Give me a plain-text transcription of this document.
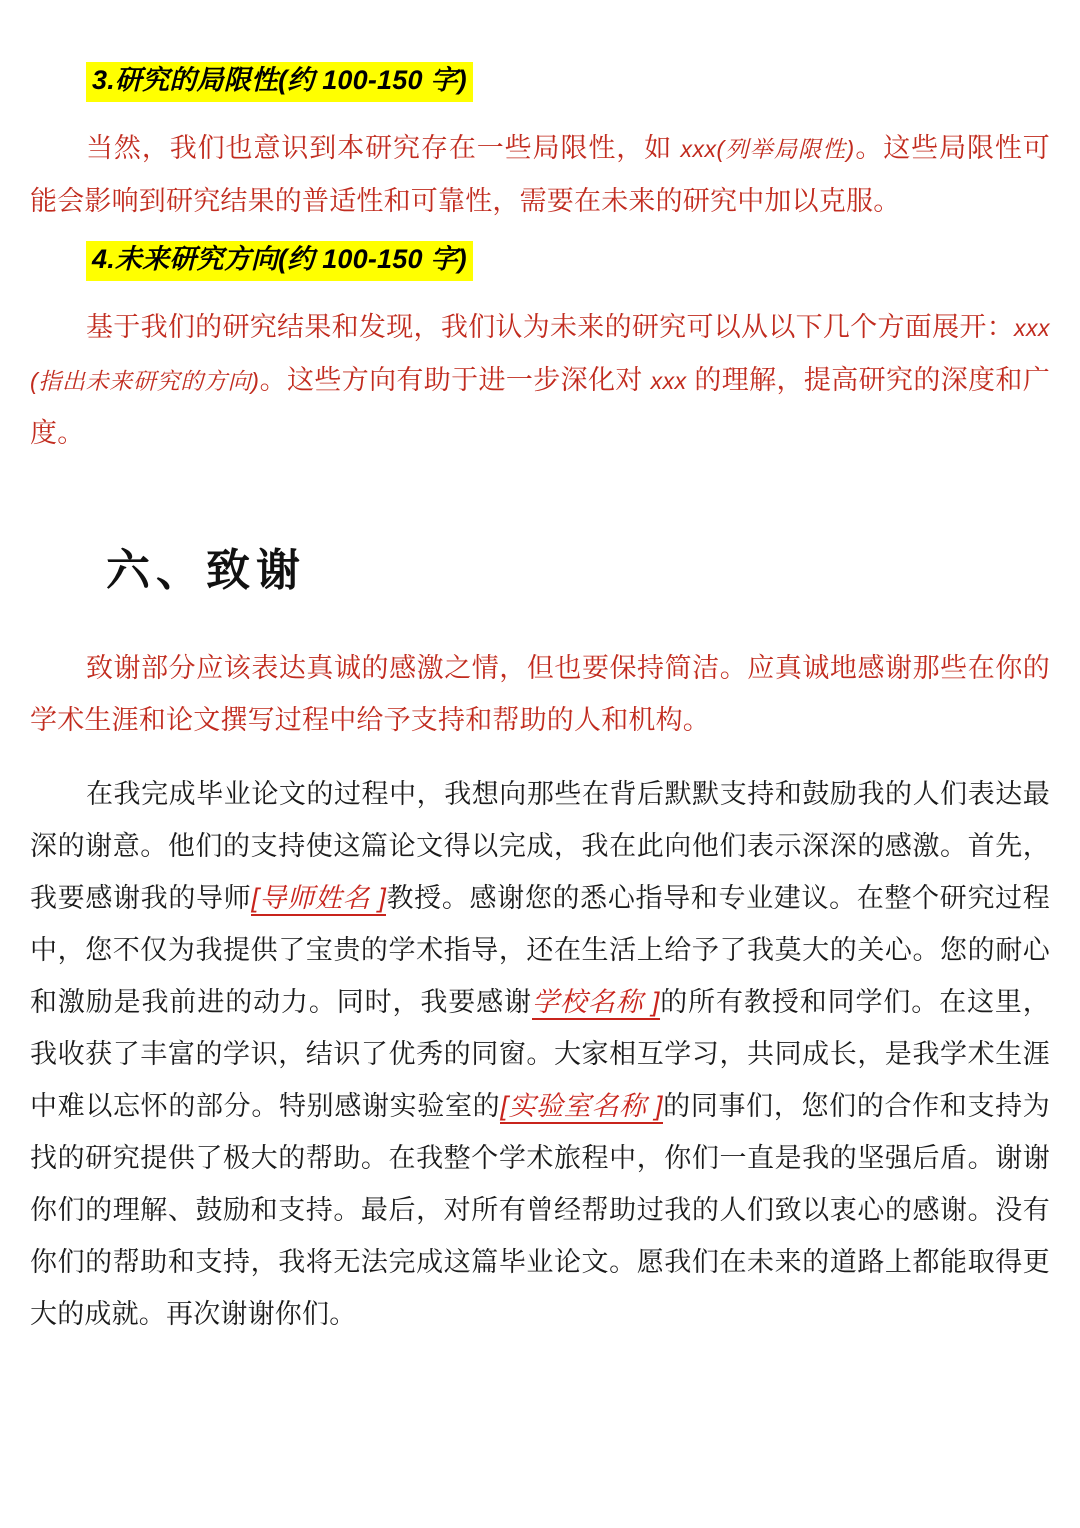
3.研究的局限性(约 100-150 字)

当然，我们也意识到本研究存在一些局限性，如 xxx(列举局限性)。这些局限性可能会影响到研究结果的普适性和可靠性，需要在未来的研究中加以克服。

4.未来研究方向(约 100-150 字)

基于我们的研究结果和发现，我们认为未来的研究可以从以下几个方面展开：xxx(指出未来研究的方向)。这些方向有助于进一步深化对 xxx 的理解，提高研究的深度和广度。

六、致谢

致谢部分应该表达真诚的感激之情，但也要保持简洁。应真诚地感谢那些在你的学术生涯和论文撰写过程中给予支持和帮助的人和机构。

在我完成毕业论文的过程中，我想向那些在背后默默支持和鼓励我的人们表达最深的谢意。他们的支持使这篇论文得以完成，我在此向他们表示深深的感激。首先，我要感谢我的导师[导师姓名 ]教授。感谢您的悉心指导和专业建议。在整个研究过程中，您不仅为我提供了宝贵的学术指导，还在生活上给予了我莫大的关心。您的耐心和激励是我前进的动力。同时，我要感谢学校名称 ]的所有教授和同学们。在这里，我收获了丰富的学识，结识了优秀的同窗。大家相互学习，共同成长，是我学术生涯中难以忘怀的部分。特别感谢实验室的[实验室名称 ]的同事们，您们的合作和支持为找的研究提供了极大的帮助。在我整个学术旅程中，你们一直是我的坚强后盾。谢谢你们的理解、鼓励和支持。最后，对所有曾经帮助过我的人们致以衷心的感谢。没有你们的帮助和支持，我将无法完成这篇毕业论文。愿我们在未来的道路上都能取得更大的成就。再次谢谢你们。
